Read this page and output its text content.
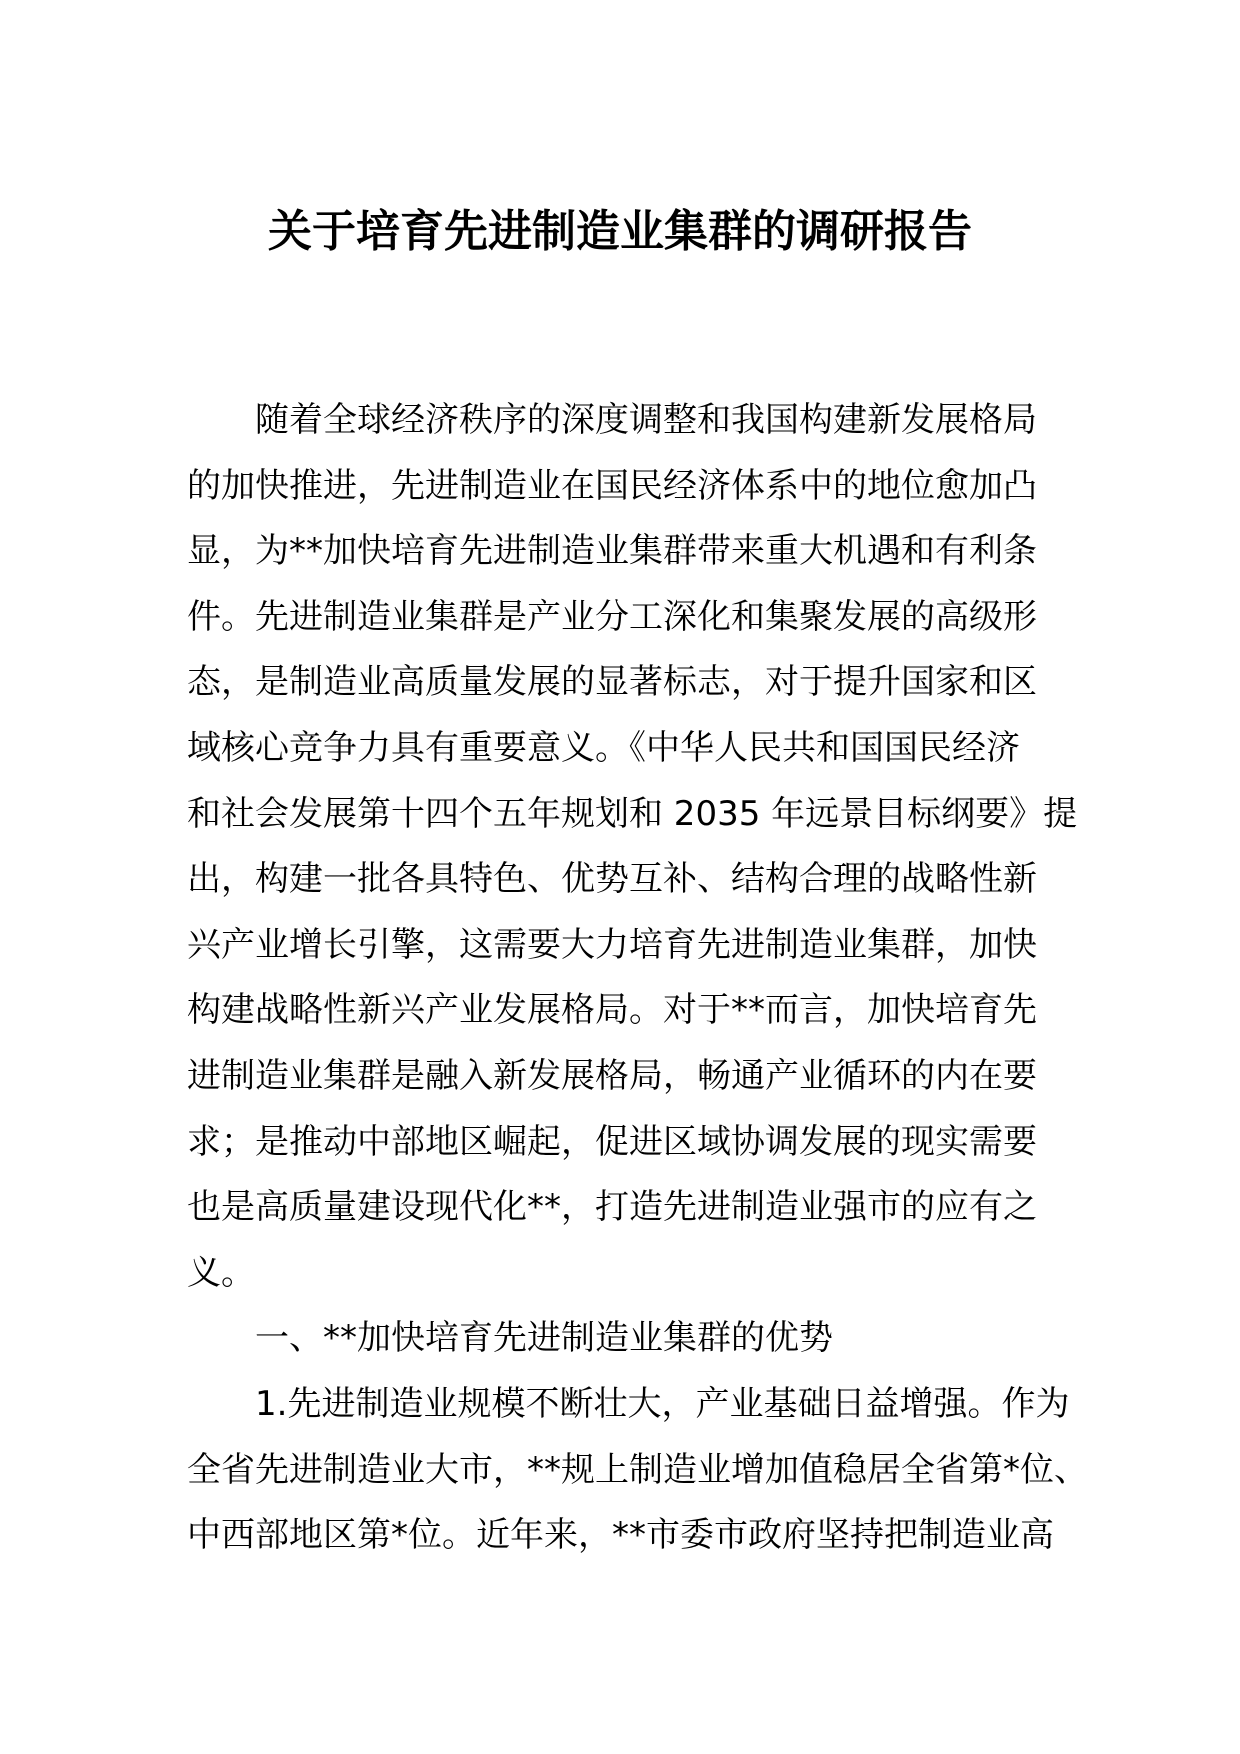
关于培育先进制造业集群的调研报告
随着全球经济秩序的深度调整和我国构建新发展格局
的加快推进，先进制造业在国民经济体系中的地位愈加凸
显，为**加快培育先进制造业集群带来重大机遇和有利条
件。先进制造业集群是产业分工深化和集聚发展的高级形
态，是制造业高质量发展的显著标志，对于提升国家和区
域核心竞争力具有重要意义。《中华人民共和国国民经济
和社会发展第十四个五年规划和 2035 年远景目标纲要》提
出，构建一批各具特色、优势互补、结构合理的战略性新
兴产业增长引擎，这需要大力培育先进制造业集群，加快
构建战略性新兴产业发展格局。对于**而言，加快培育先
进制造业集群是融入新发展格局，畅通产业循环的内在要
求；是推动中部地区崛起，促进区域协调发展的现实需要
也是高质量建设现代化**，打造先进制造业强市的应有之
义。
一、**加快培育先进制造业集群的优势
1.先进制造业规模不断壮大，产业基础日益增强。作为
全省先进制造业大市，**规上制造业增加值稳居全省第*位、
中西部地区第*位。近年来，**市委市政府坚持把制造业高
